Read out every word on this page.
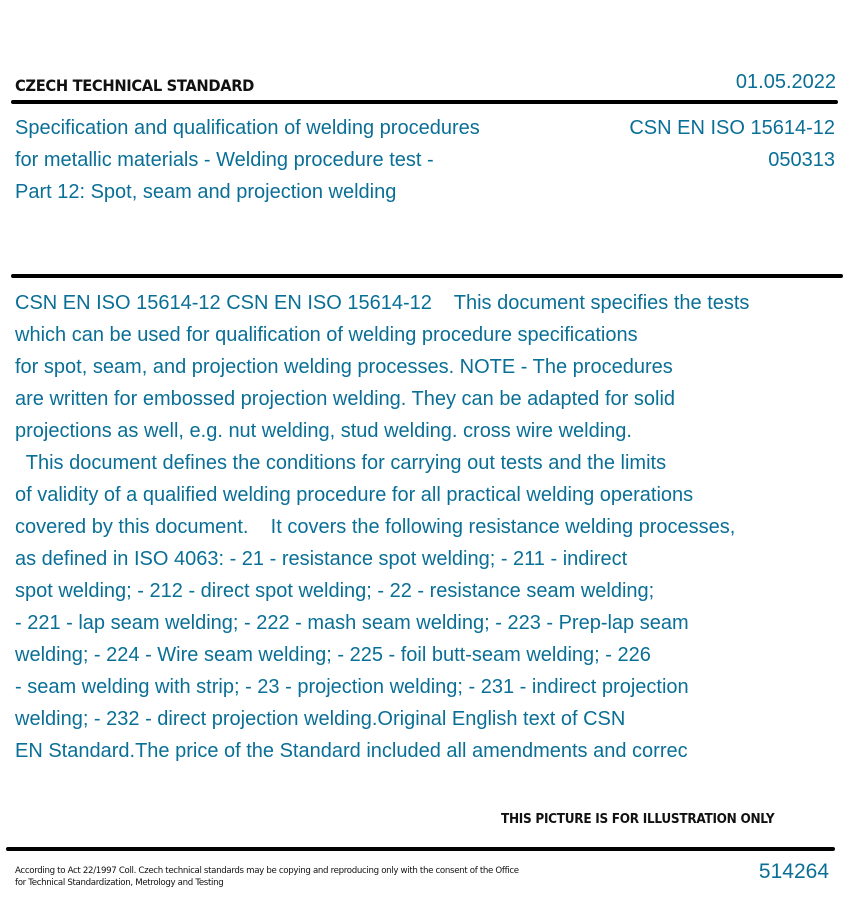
CZECH TECHNICAL STANDARD	01.05.2022
Specification and qualification of welding procedures
for metallic materials - Welding procedure test -
Part 12: Spot, seam and projection welding
CSN EN ISO 15614-12
050313
CSN EN ISO 15614-12 CSN EN ISO 15614-12    This document specifies the tests
which can be used for qualification of welding procedure specifications
for spot, seam, and projection welding processes. NOTE - The procedures
are written for embossed projection welding. They can be adapted for solid
projections as well, e.g. nut welding, stud welding. cross wire welding.
This document defines the conditions for carrying out tests and the limits
of validity of a qualified welding procedure for all practical welding operations
covered by this document.    It covers the following resistance welding processes,
as defined in ISO 4063: - 21 - resistance spot welding; - 211 - indirect
spot welding; - 212 - direct spot welding; - 22 - resistance seam welding;
- 221 - lap seam welding; - 222 - mash seam welding; - 223 - Prep-lap seam
welding; - 224 - Wire seam welding; - 225 - foil butt-seam welding; - 226
- seam welding with strip; - 23 - projection welding; - 231 - indirect projection
welding; - 232 - direct projection welding.Original English text of CSN
EN Standard.The price of the Standard included all amendments and correc
THIS PICTURE IS FOR ILLUSTRATION ONLY
According to Act 22/1997 Coll. Czech technical standards may be copying and reproducing only with the consent of the Office
for Technical Standardization, Metrology and Testing	514264
